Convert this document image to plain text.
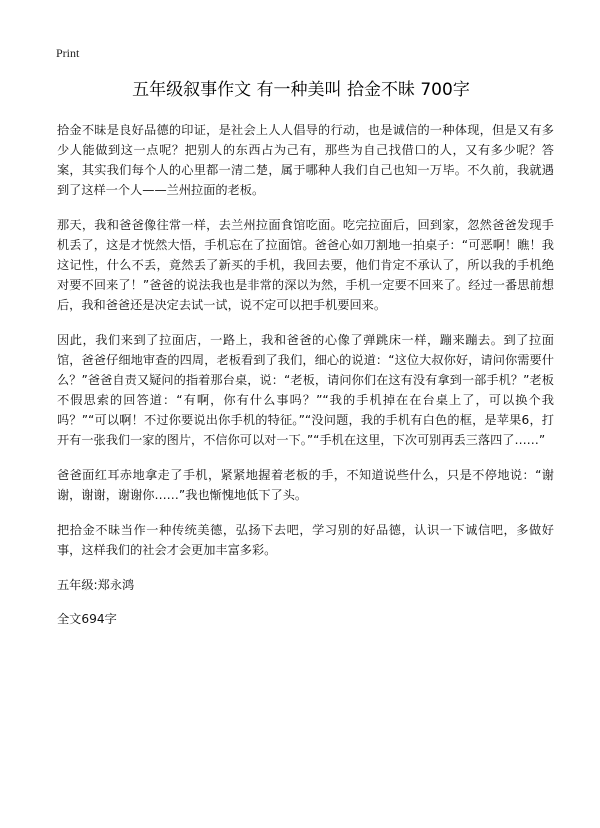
Print
五年级叙事作文 有一种美叫 拾金不昧 700字

拾金不昧是良好品德的印证，是社会上人人倡导的行动，也是诚信的一种体现，但是又有多少人能做到这一点呢？把别人的东西占为己有，那些为自己找借口的人，又有多少呢？答案，其实我们每个人的心里都一清二楚，属于哪种人我们自己也知一万毕。不久前，我就遇到了这样一个人——兰州拉面的老板。

那天，我和爸爸像往常一样，去兰州拉面食馆吃面。吃完拉面后，回到家，忽然爸爸发现手机丢了，这是才恍然大悟，手机忘在了拉面馆。爸爸心如刀割地一拍桌子：“可恶啊！瞧！我这记性，什么不丢，竟然丢了新买的手机，我回去要，他们肯定不承认了，所以我的手机绝对要不回来了！”爸爸的说法我也是非常的深以为然，手机一定要不回来了。经过一番思前想后，我和爸爸还是决定去试一试，说不定可以把手机要回来。

因此，我们来到了拉面店，一路上，我和爸爸的心像了弹跳床一样，蹦来蹦去。到了拉面馆，爸爸仔细地审查的四周，老板看到了我们，细心的说道：“这位大叔你好，请问你需要什么？”爸爸自责又疑问的指着那台桌，说：“老板，请问你们在这有没有拿到一部手机？”老板不假思索的回答道：“有啊，你有什么事吗？”“我的手机掉在在台桌上了，可以换个我吗？”“可以啊！不过你要说出你手机的特征。”“没问题，我的手机有白色的框，是苹果6，打开有一张我们一家的图片，不信你可以对一下。”“手机在这里，下次可别再丢三落四了……”

爸爸面红耳赤地拿走了手机，紧紧地握着老板的手，不知道说些什么，只是不停地说：“谢谢，谢谢，谢谢你……”我也惭愧地低下了头。

把拾金不昧当作一种传统美德，弘扬下去吧，学习别的好品德，认识一下诚信吧，多做好事，这样我们的社会才会更加丰富多彩。

五年级:郑永鸿

全文694字
